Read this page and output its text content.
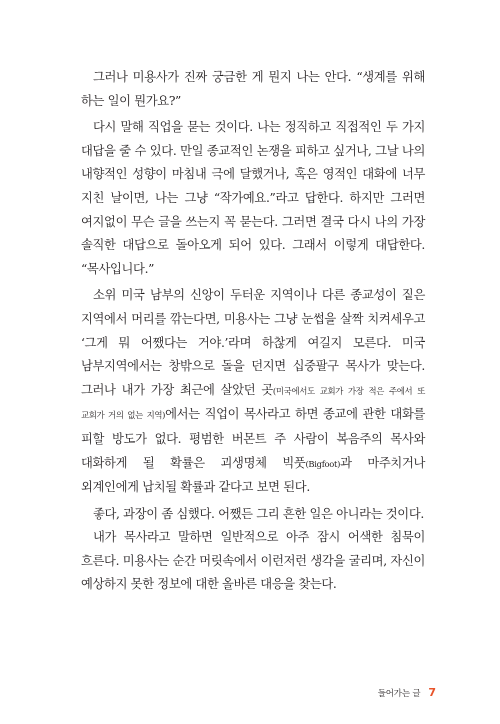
그러나 미용사가 진짜 궁금한 게 뭔지 나는 안다. “생계를 위해 하는 일이 뭔가요?”

다시 말해 직업을 묻는 것이다. 나는 정직하고 직접적인 두 가지 대답을 줄 수 있다. 만일 종교적인 논쟁을 피하고 싶거나, 그날 나의 내향적인 성향이 마침내 극에 달했거나, 혹은 영적인 대화에 너무 지친 날이면, 나는 그냥 “작가예요.”라고 답한다. 하지만 그러면 여지없이 무슨 글을 쓰는지 꼭 묻는다. 그러면 결국 다시 나의 가장 솔직한 대답으로 돌아오게 되어 있다. 그래서 이렇게 대답한다. “목사입니다.”

소위 미국 남부의 신앙이 두터운 지역이나 다른 종교성이 짙은 지역에서 머리를 깎는다면, 미용사는 그냥 눈썹을 살짝 치켜세우고 ‘그게 뭐 어쨌다는 거야.’라며 하찮게 여길지 모른다. 미국 남부지역에서는 창밖으로 돌을 던지면 십중팔구 목사가 맞는다. 그러나 내가 가장 최근에 살았던 곳(미국에서도 교회가 가장 적은 주에서 또 교회가 거의 없는 지역)에서는 직업이 목사라고 하면 종교에 관한 대화를 피할 방도가 없다. 평범한 버몬트 주 사람이 복음주의 목사와 대화하게 될 확률은 괴생명체 빅풋(Bigfoot)과 마주치거나 외계인에게 납치될 확률과 같다고 보면 된다.

좋다, 과장이 좀 심했다. 어쨌든 그리 흔한 일은 아니라는 것이다.

내가 목사라고 말하면 일반적으로 아주 잠시 어색한 침묵이 흐른다. 미용사는 순간 머릿속에서 이런저런 생각을 굴리며, 자신이 예상하지 못한 정보에 대한 올바른 대응을 찾는다.

들어가는 글 7
